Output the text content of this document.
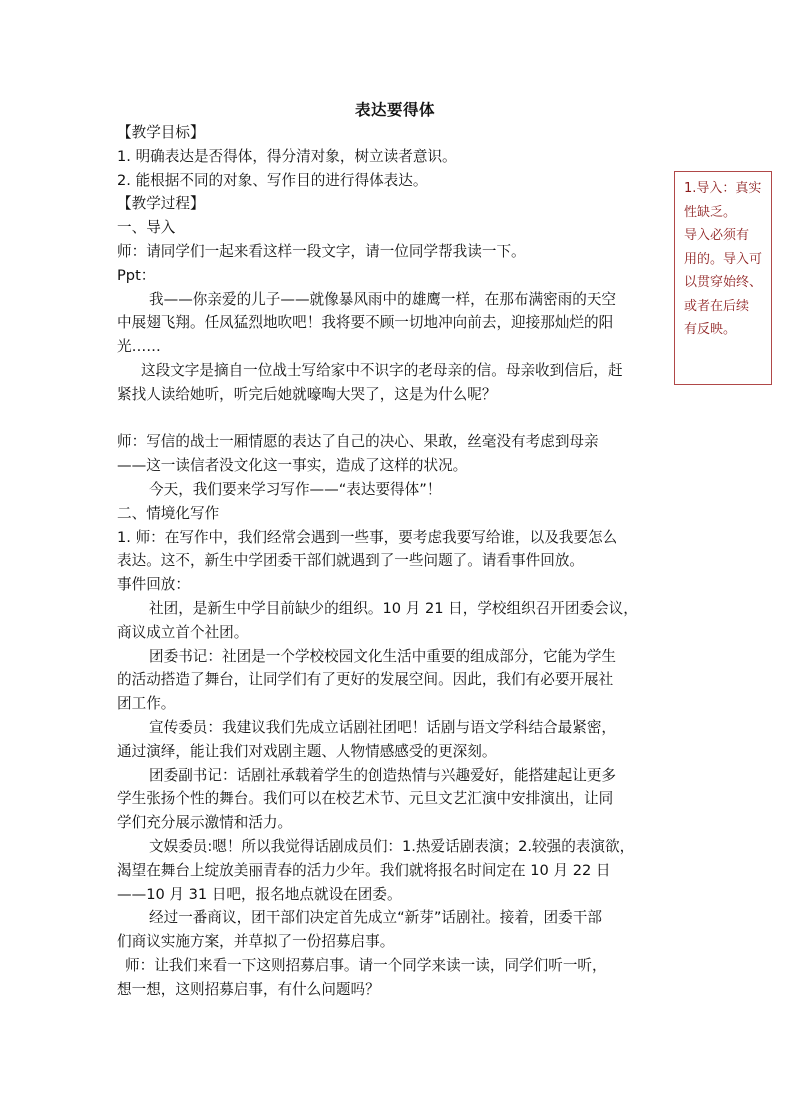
表达要得体
【教学目标】
1. 明确表达是否得体，得分清对象，树立读者意识。
2. 能根据不同的对象、写作目的进行得体表达。
【教学过程】
一、导入
师：请同学们一起来看这样一段文字，请一位同学帮我读一下。
Ppt：
我——你亲爱的儿子——就像暴风雨中的雄鹰一样，在那布满密雨的天空
中展翅飞翔。任凤猛烈地吹吧！我将要不顾一切地冲向前去，迎接那灿烂的阳
光……
这段文字是摘自一位战士写给家中不识字的老母亲的信。母亲收到信后，赶
紧找人读给她听，听完后她就嚎啕大哭了，这是为什么呢？
师：写信的战士一厢情愿的表达了自己的决心、果敢，丝毫没有考虑到母亲
——这一读信者没文化这一事实，造成了这样的状况。
今天，我们要来学习写作——“表达要得体”！
二、情境化写作
1. 师：在写作中，我们经常会遇到一些事，要考虑我要写给谁，以及我要怎么
表达。这不，新生中学团委干部们就遇到了一些问题了。请看事件回放。
事件回放：
社团，是新生中学目前缺少的组织。10 月 21 日，学校组织召开团委会议，
商议成立首个社团。
团委书记：社团是一个学校校园文化生活中重要的组成部分，它能为学生
的活动搭造了舞台，让同学们有了更好的发展空间。因此，我们有必要开展社
团工作。
宣传委员：我建议我们先成立话剧社团吧！话剧与语文学科结合最紧密，
通过演绎，能让我们对戏剧主题、人物情感感受的更深刻。
团委副书记：话剧社承载着学生的创造热情与兴趣爱好，能搭建起让更多
学生张扬个性的舞台。我们可以在校艺术节、元旦文艺汇演中安排演出，让同
学们充分展示激情和活力。
文娱委员:嗯！所以我觉得话剧成员们：1.热爱话剧表演；2.较强的表演欲，
渴望在舞台上绽放美丽青春的活力少年。我们就将报名时间定在 10 月 22 日
——10 月 31 日吧，报名地点就设在团委。
经过一番商议，团干部们决定首先成立“新芽”话剧社。接着，团委干部
们商议实施方案，并草拟了一份招募启事。
师：让我们来看一下这则招募启事。请一个同学来读一读，同学们听一听，
想一想，这则招募启事，有什么问题吗？
1.导入：真实
性缺乏。
导入必须有
用的。导入可
以贯穿始终、
或者在后续
有反映。
